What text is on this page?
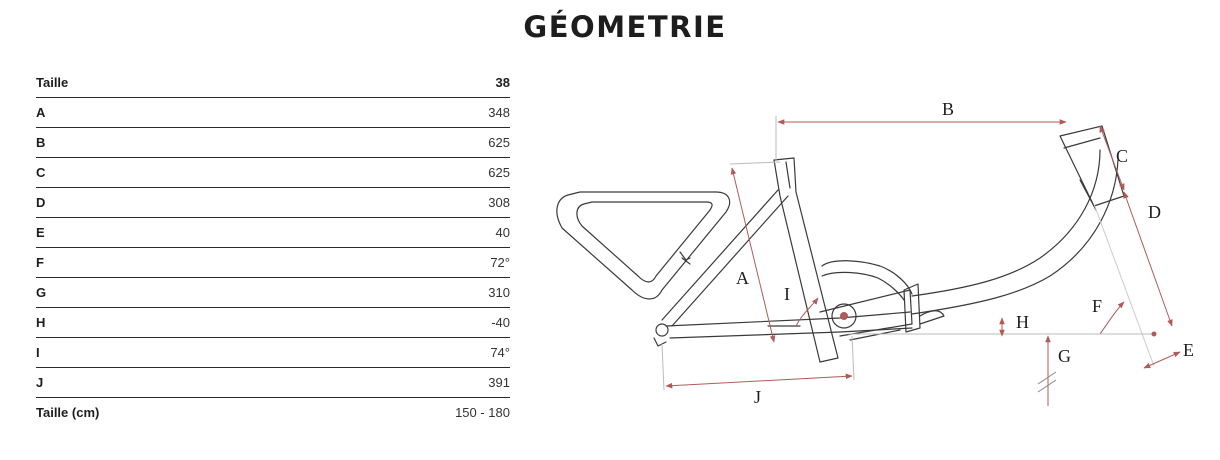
GÉOMETRIE
Taille	38
A	348
B	625
C	625
D	308
E	40
F	72°
G	310
H	-40
I	74°
J	391
Taille (cm)	150 - 180
B
A
C
D
E
F
G
H
I
J
